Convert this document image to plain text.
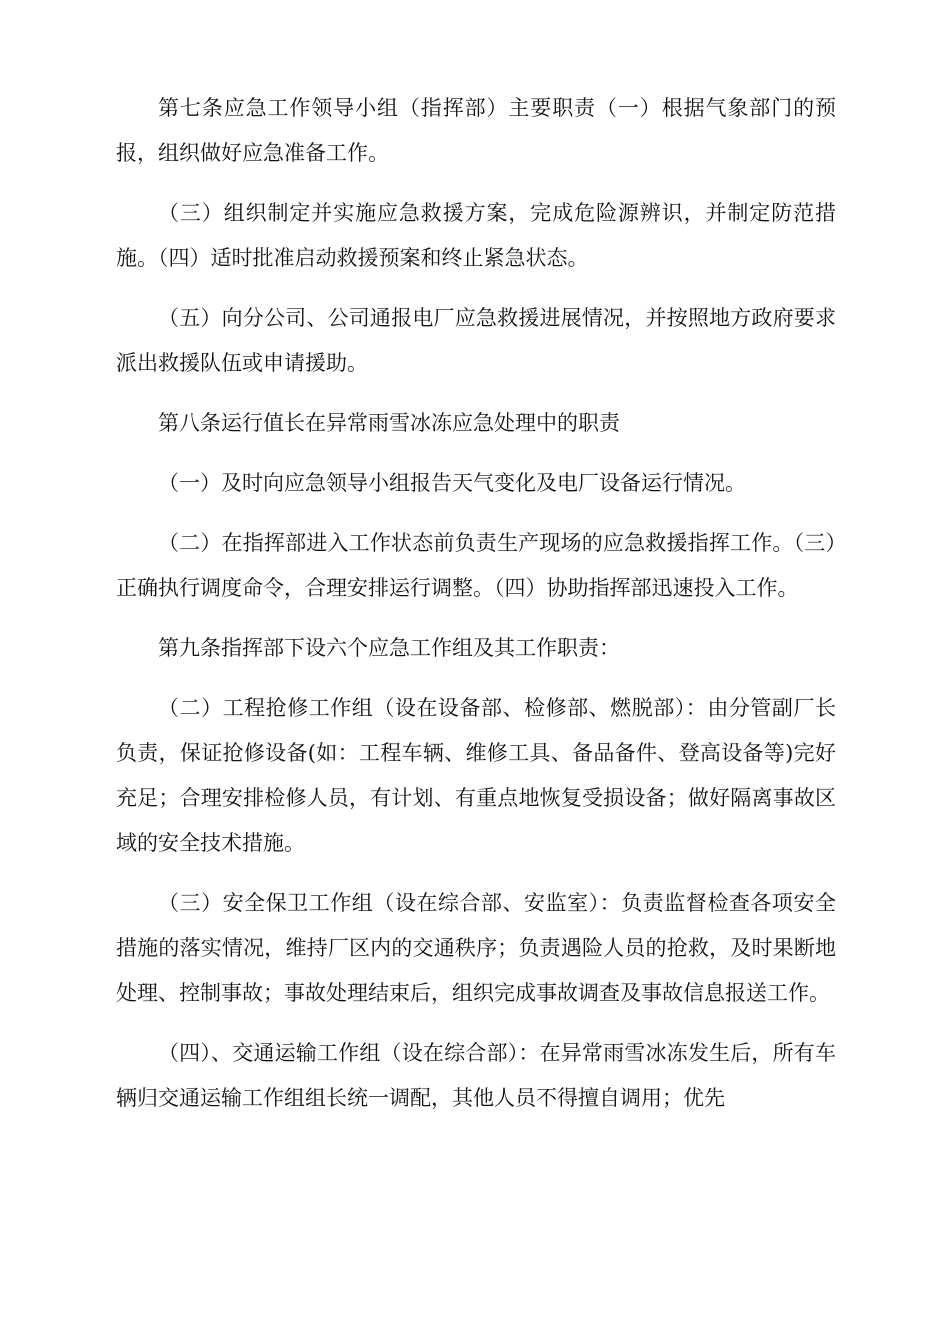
第七条应急工作领导小组（指挥部）主要职责（一）根据气象部门的预报，组织做好应急准备工作。

（三）组织制定并实施应急救援方案，完成危险源辨识，并制定防范措施。（四）适时批准启动救援预案和终止紧急状态。

（五）向分公司、公司通报电厂应急救援进展情况，并按照地方政府要求派出救援队伍或申请援助。

第八条运行值长在异常雨雪冰冻应急处理中的职责

（一）及时向应急领导小组报告天气变化及电厂设备运行情况。

（二）在指挥部进入工作状态前负责生产现场的应急救援指挥工作。（三）正确执行调度命令，合理安排运行调整。（四）协助指挥部迅速投入工作。

第九条指挥部下设六个应急工作组及其工作职责：

（二）工程抢修工作组（设在设备部、检修部、燃脱部）：由分管副厂长负责，保证抢修设备(如：工程车辆、维修工具、备品备件、登高设备等)完好充足；合理安排检修人员，有计划、有重点地恢复受损设备；做好隔离事故区域的安全技术措施。

（三）安全保卫工作组（设在综合部、安监室）：负责监督检查各项安全措施的落实情况，维持厂区内的交通秩序；负责遇险人员的抢救，及时果断地处理、控制事故；事故处理结束后，组织完成事故调查及事故信息报送工作。

（四）、交通运输工作组（设在综合部）：在异常雨雪冰冻发生后，所有车辆归交通运输工作组组长统一调配，其他人员不得擅自调用；优先
